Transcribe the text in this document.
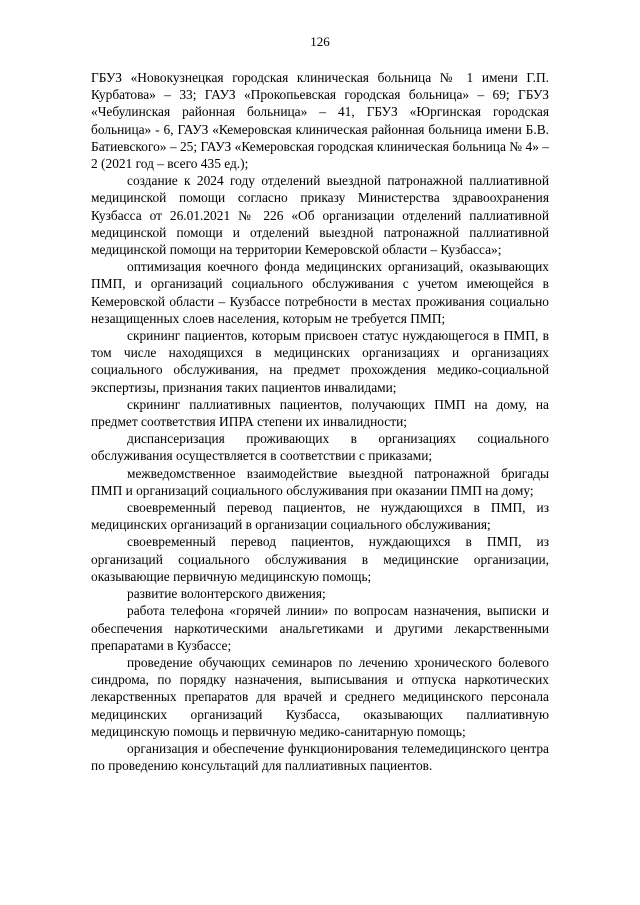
126

ГБУЗ «Новокузнецкая городская клиническая больница № 1 имени Г.П. Курбатова» – 33; ГАУЗ «Прокопьевская городская больница» – 69; ГБУЗ «Чебулинская районная больница» – 41, ГБУЗ «Юргинская городская больница» - 6, ГАУЗ «Кемеровская клиническая районная больница имени Б.В. Батиевского» – 25; ГАУЗ «Кемеровская городская клиническая больница № 4» – 2 (2021 год – всего 435 ед.);

создание к 2024 году отделений выездной патронажной паллиативной медицинской помощи согласно приказу Министерства здравоохранения Кузбасса от 26.01.2021 № 226 «Об организации отделений паллиативной медицинской помощи и отделений выездной патронажной паллиативной медицинской помощи на территории Кемеровской области – Кузбасса»;

оптимизация коечного фонда медицинских организаций, оказывающих ПМП, и организаций социального обслуживания с учетом имеющейся в Кемеровской области – Кузбассе потребности в местах проживания социально незащищенных слоев населения, которым не требуется ПМП;

скрининг пациентов, которым присвоен статус нуждающегося в ПМП, в том числе находящихся в медицинских организациях и организациях социального обслуживания, на предмет прохождения медико-социальной экспертизы, признания таких пациентов инвалидами;

скрининг паллиативных пациентов, получающих ПМП на дому, на предмет соответствия ИПРА степени их инвалидности;

диспансеризация проживающих в организациях социального обслуживания осуществляется в соответствии с приказами;

межведомственное взаимодействие выездной патронажной бригады ПМП и организаций социального обслуживания при оказании ПМП на дому;

своевременный перевод пациентов, не нуждающихся в ПМП, из медицинских организаций в организации социального обслуживания;

своевременный перевод пациентов, нуждающихся в ПМП, из организаций социального обслуживания в медицинские организации, оказывающие первичную медицинскую помощь;

развитие волонтерского движения;

работа телефона «горячей линии» по вопросам назначения, выписки и обеспечения наркотическими анальгетиками и другими лекарственными препаратами в Кузбассе;

проведение обучающих семинаров по лечению хронического болевого синдрома, по порядку назначения, выписывания и отпуска наркотических лекарственных препаратов для врачей и среднего медицинского персонала медицинских организаций Кузбасса, оказывающих паллиативную медицинскую помощь и первичную медико-санитарную помощь;

организация и обеспечение функционирования телемедицинского центра по проведению консультаций для паллиативных пациентов.
